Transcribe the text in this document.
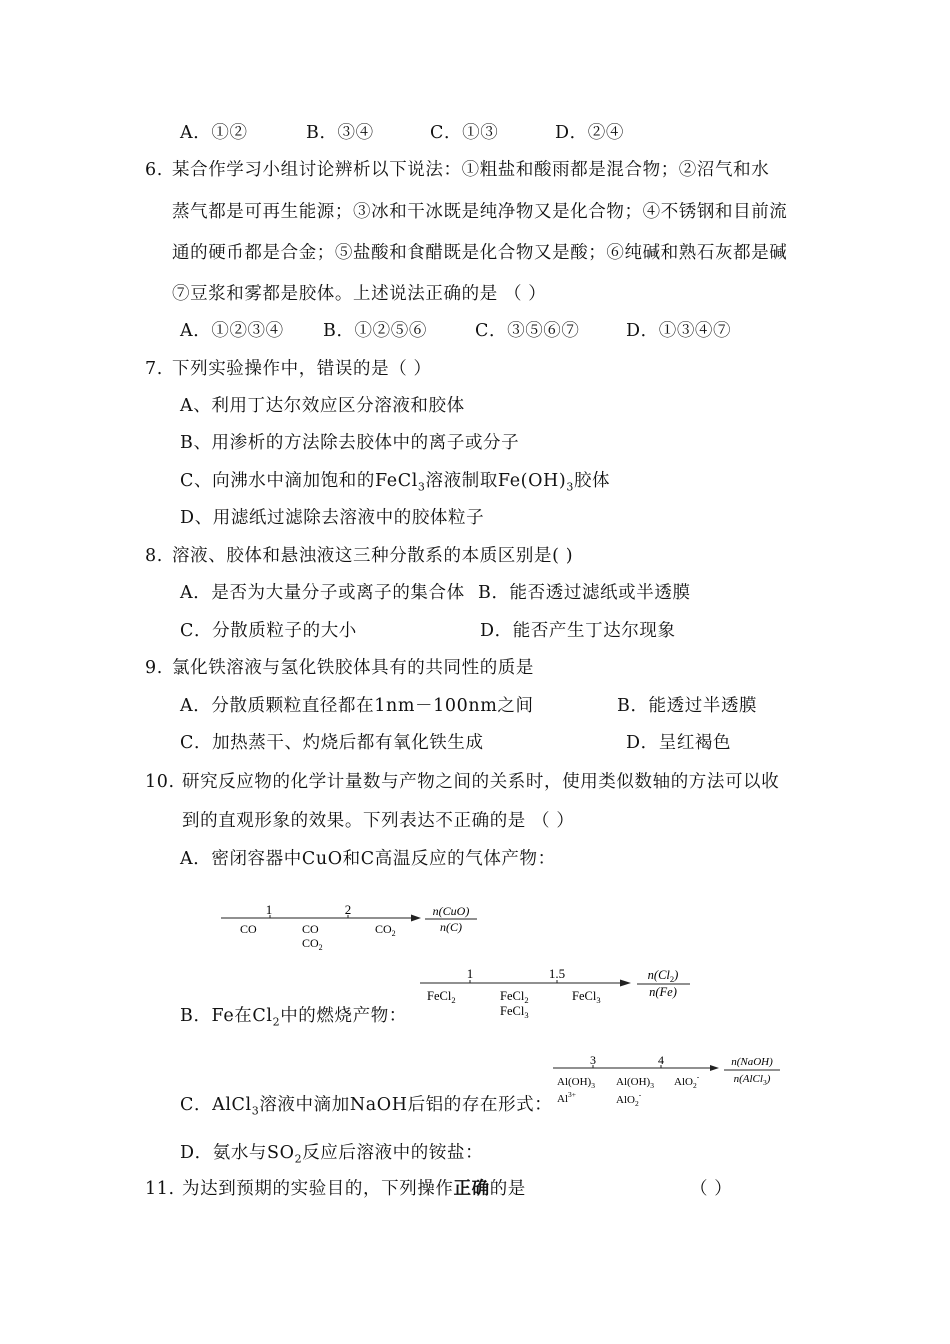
A．①②	B．③④	C．①③	D．②④
6. 某合作学习小组讨论辨析以下说法：①粗盐和酸雨都是混合物；②沼气和水
蒸气都是可再生能源；③冰和干冰既是纯净物又是化合物；④不锈钢和目前流
通的硬币都是合金；⑤盐酸和食醋既是化合物又是酸；⑥纯碱和熟石灰都是碱
⑦豆浆和雾都是胶体。上述说法正确的是 （ ）
A．①②③④ B．①②⑤⑥	C．③⑤⑥⑦	D．①③④⑦
7. 下列实验操作中，错误的是（ ）
A、利用丁达尔效应区分溶液和胶体
B、用渗析的方法除去胶体中的离子或分子
C、向沸水中滴加饱和的FeCl$_3$溶液制取$Fe(OH)_3$胶体
D、用滤纸过滤除去溶液中的胶体粒子
8. 溶液、胶体和悬浊液这三种分散系的本质区别是( )
A．是否为大量分子或离子的集合体 B．能否透过滤纸或半透膜
C．分散质粒子的大小	D．能否产生丁达尔现象
9. 氯化铁溶液与氢化铁胶体具有的共同性的质是
A．分散质颗粒直径都在1nm－100nm之间	B．能透过半透膜
C．加热蒸干、灼烧后都有氧化铁生成	D．呈红褐色
10. 研究反应物的化学计量数与产物之间的关系时，使用类似数轴的方法可以收
到的直观形象的效果。下列表达不正确的是 （ ）
A．密闭容器中CuO和C高温反应的气体产物：
1	2
CO	CO
$CO_2$
$CO_2$
n(CuO)
n(C)
1	1.5
FeCl$_2$	FeCl$_2$
FeCl$_3$
FeCl$_3$
$n(Cl_2)$
n(Fe)
B．Fe在$Cl_2$中的燃烧产物：
3	4
$Al(OH)_3$ $Al(OH)_3$ AlO$_2$-
$Al^{3+}$	AlO$_2$-
n(NaOH)
n(AlCl$_3$)
C．AlCl$_3$溶液中滴加NaOH后铝的存在形式：
D．氨水与$SO_2$反应后溶液中的铵盐：
11. 为达到预期的实验目的，下列操作正确的是	（ ）
